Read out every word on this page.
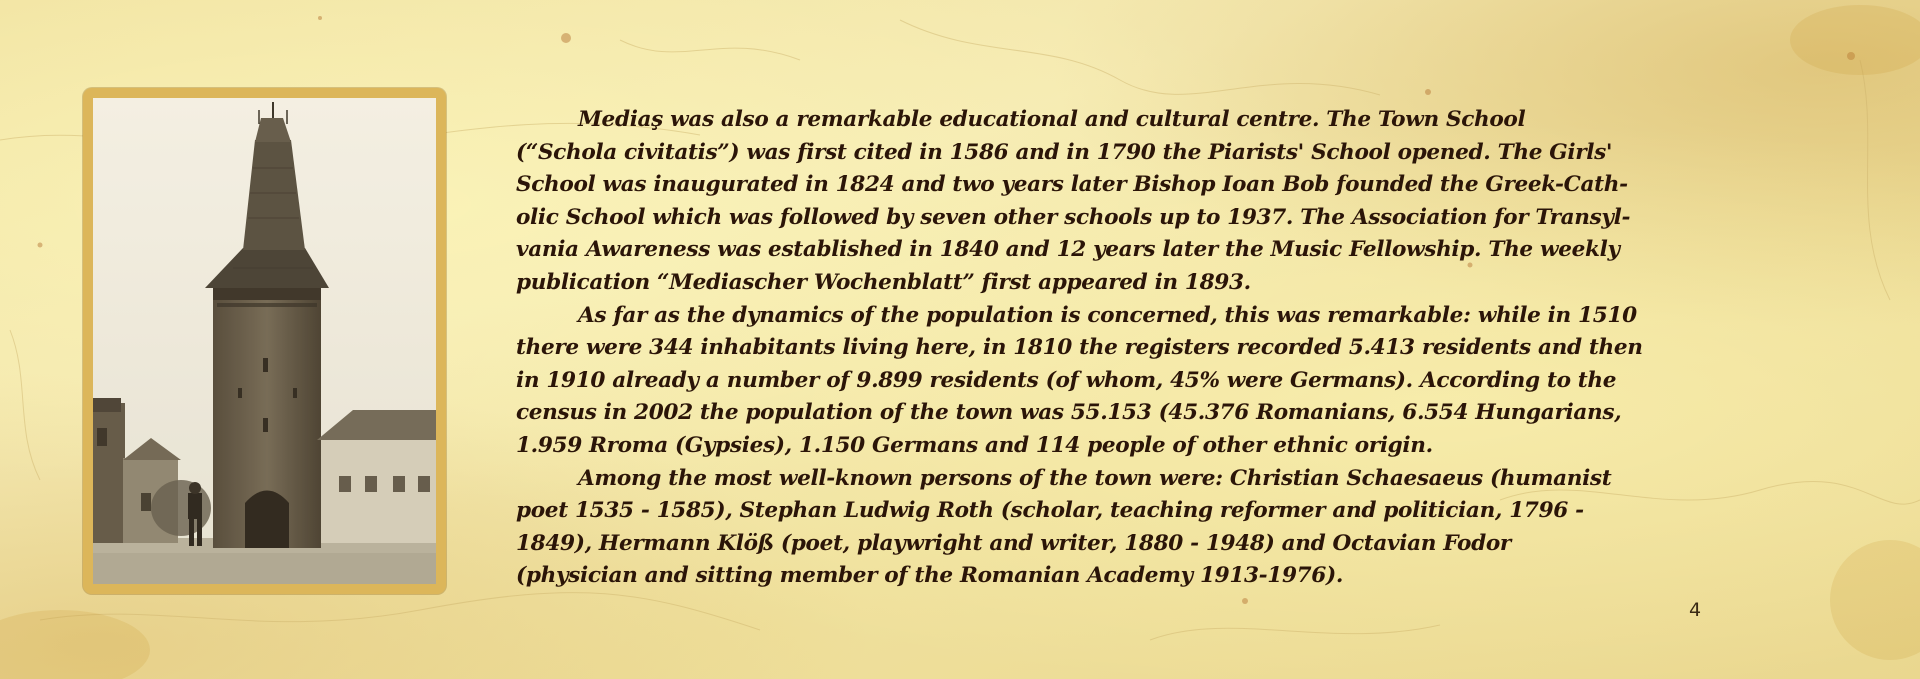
Mediaş was also a remarkable educational and cultural centre. The Town School
(“Schola civitatis”) was first cited in 1586 and in 1790 the Piarists' School opened. The Girls'
School was inaugurated in 1824 and two years later Bishop Ioan Bob founded the Greek-Cath-
olic School which was followed by seven other schools up to 1937. The Association for Transyl-
vania Awareness was established in 1840 and 12 years later the Music Fellowship. The weekly
publication “Mediascher Wochenblatt” first appeared in 1893.

As far as the dynamics of the population is concerned, this was remarkable: while in 1510
there were 344 inhabitants living here, in 1810 the registers recorded 5.413 residents and then
in 1910 already a number of 9.899 residents (of whom, 45% were Germans). According to the
census in 2002 the population of the town was 55.153 (45.376 Romanians, 6.554 Hungarians,
1.959 Rroma (Gypsies), 1.150 Germans and 114 people of other ethnic origin.

Among the most well-known persons of the town were: Christian Schaesaeus (humanist
poet 1535 - 1585), Stephan Ludwig Roth (scholar, teaching reformer and politician, 1796 -
1849), Hermann Klöß (poet, playwright and writer, 1880 - 1948) and Octavian Fodor
(physician and sitting member of the Romanian Academy 1913-1976).

4
